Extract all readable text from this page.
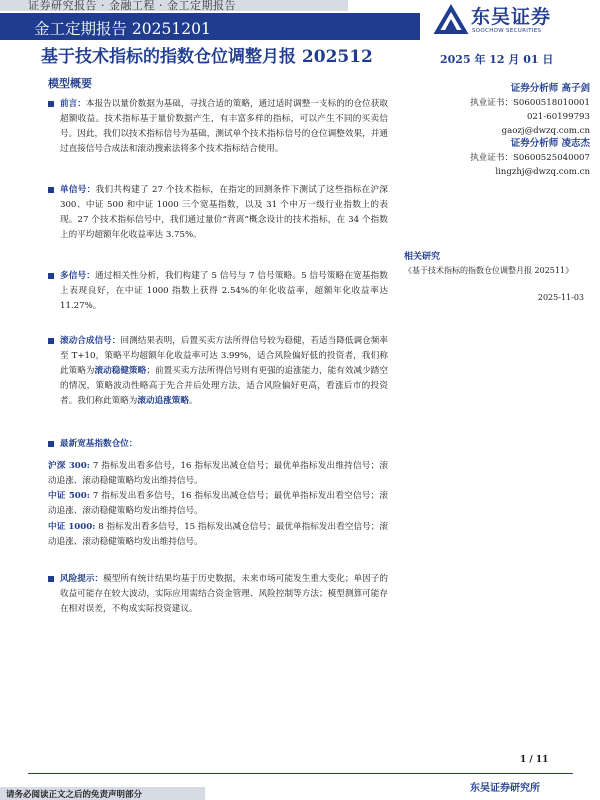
证券研究报告 · 金融工程 · 金工定期报告
金工定期报告 20251201
东吴证券
SOOCHOW SECURITIES
基于技术指标的指数仓位调整月报 202512	2025 年 12 月 01 日
模型概要
前言：本报告以量价数据为基础，寻找合适的策略，通过适时调整一支标的的仓位获取超额收益。技术指标基于量价数据产生，有丰富多样的指标，可以产生不同的买卖信号。因此，我们以技术指标信号为基础，测试单个技术指标信号的仓位调整效果，并通过直接信号合成法和滚动搜索法将多个技术指标结合使用。
单信号：我们共构建了 27 个技术指标，在指定的回测条件下测试了这些指标在沪深 300、中证 500 和中证 1000 三个宽基指数，以及 31 个申万一级行业指数上的表现。27 个技术指标信号中，我们通过量价“背离”概念设计的技术指标，在 34 个指数上的平均超额年化收益率达 3.75%。
多信号：通过相关性分析，我们构建了 5 信号与 7 信号策略。5 信号策略在宽基指数上表现良好，在中证 1000 指数上获得 2.54%的年化收益率，超额年化收益率达 11.27%。
滚动合成信号：回测结果表明，后置买卖方法所得信号较为稳健，若适当降低调仓频率至 T+10，策略平均超额年化收益率可达 3.99%，适合风险偏好低的投资者，我们称此策略为滚动稳健策略；前置买卖方法所得信号则有更强的追涨能力，能有效减少踏空的情况，策略波动性略高于先合并后处理方法，适合风险偏好更高，看涨后市的投资者。我们称此策略为滚动追涨策略。
最新宽基指数仓位：
沪深 300: 7 指标发出看多信号，16 指标发出减仓信号；最优单指标发出维持信号；滚动追涨、滚动稳健策略均发出维持信号。
中证 500: 7 指标发出看多信号，16 指标发出减仓信号；最优单指标发出看空信号；滚动追涨、滚动稳健策略均发出维持信号。
中证 1000: 8 指标发出看多信号，15 指标发出减仓信号；最优单指标发出看空信号；滚动追涨、滚动稳健策略均发出维持信号。
风险提示：模型所有统计结果均基于历史数据，未来市场可能发生重大变化；单因子的收益可能存在较大波动，实际应用需结合资金管理、风险控制等方法；模型测算可能存在相对误差，不构成实际投资建议。
证券分析师 高子剑
执业证书：S0600518010001
021-60199793
gaozj@dwzq.com.cn
证券分析师 凌志杰
执业证书：S0600525040007
lingzhj@dwzq.com.cn
相关研究
《基于技术指标的指数仓位调整月报 202511》
2025-11-03
1 / 11
东吴证券研究所
请务必阅读正文之后的免责声明部分
